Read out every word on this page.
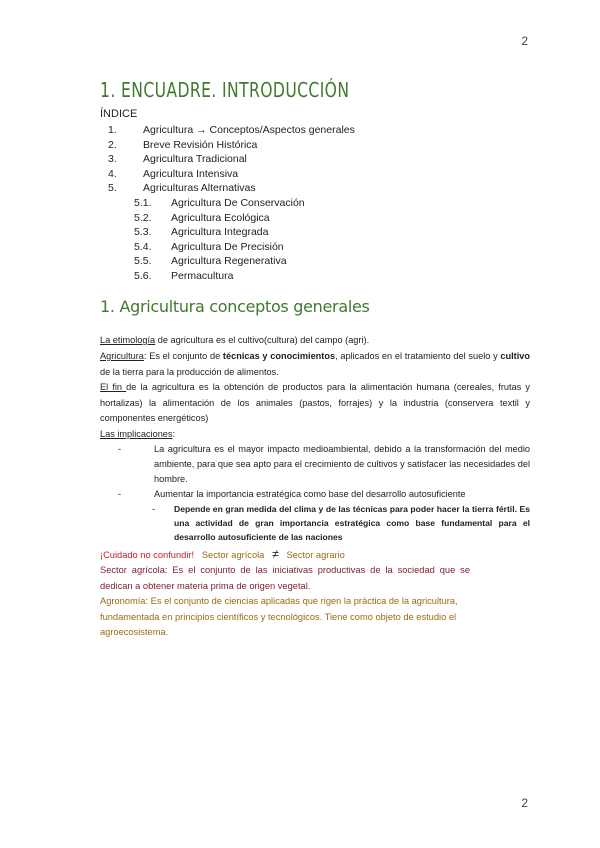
2
1. ENCUADRE. INTRODUCCIÓN
ÍNDICE
1.	Agricultura → Conceptos/Aspectos generales
2.	Breve Revisión Histórica
3.	Agricultura Tradicional
4.	Agricultura Intensiva
5.	Agriculturas Alternativas
5.1.	Agricultura De Conservación
5.2.	Agricultura Ecológica
5.3.	Agricultura Integrada
5.4.	Agricultura De Precisión
5.5.	Agricultura Regenerativa
5.6.	Permacultura
1. Agricultura conceptos generales
La etimología de agricultura es el cultivo(cultura) del campo (agri).
Agricultura: Es el conjunto de técnicas y conocimientos, aplicados en el tratamiento del suelo y cultivo de la tierra para la producción de alimentos.
El fin de la agricultura es la obtención de productos para la alimentación humana (cereales, frutas y hortalizas) la alimentación de los animales (pastos, forrajes) y la industria (conservera textil y componentes energéticos)
Las implicaciones:
-	La agricultura es el mayor impacto medioambiental, debido a la transformación del medio ambiente, para que sea apto para el crecimiento de cultivos y satisfacer las necesidades del hombre.
-	Aumentar la importancia estratégica como base del desarrollo autosuficiente
-	Depende en gran medida del clima y de las técnicas para poder hacer la tierra fértil. Es una actividad de gran importancia estratégica como base fundamental para el desarrollo autosuficiente de las naciones
¡Cuidado no confundir! Sector agrícola ≠ Sector agrario
Sector agrícola: Es el conjunto de las iniciativas productivas de la sociedad que se dedican a obtener materia prima de origen vegetal.
Agronomía: Es el conjunto de ciencias aplicadas que rigen la práctica de la agricultura, fundamentada en principios científicos y tecnológicos. Tiene como objeto de estudio el agroecosistema.
2
